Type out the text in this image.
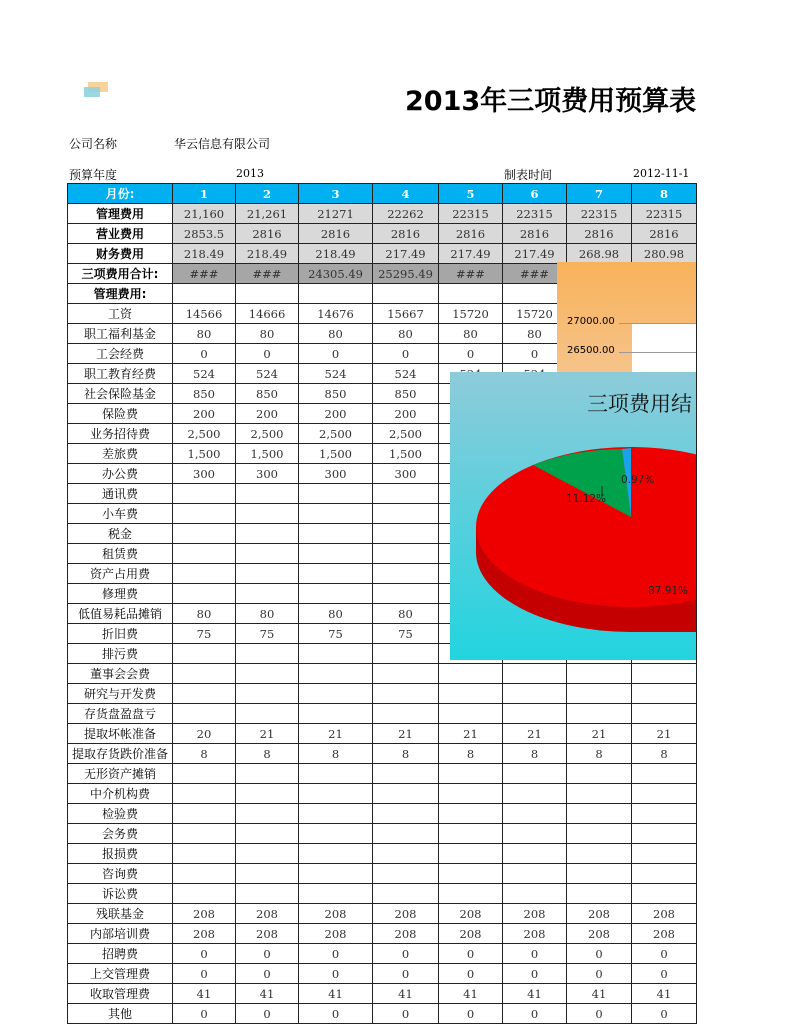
2013年三项费用预算表
公司名称	华云信息有限公司
预算年度	2013	制表时间	2012-11-1
月份:	1	2	3	4	5	6	7	8
管理费用	21,160	21,261	21271	22262	22315	22315	22315	22315
营业费用	2853.5	2816	2816	2816	2816	2816	2816	2816
财务费用	218.49	218.49	218.49	217.49	217.49	217.49	268.98	280.98
三项费用合计:	###	###	24305.49	25295.49	###	###		
管理费用:								
工资	14566	14666	14676	15667	15720	15720		
职工福利基金	80	80	80	80	80	80		
工会经费	0	0	0	0	0	0		
职工教育经费	524	524	524	524				
社会保险基金	850	850	850	850				
保险费	200	200	200	200				
业务招待费	2,500	2,500	2,500	2,500				
差旅费	1,500	1,500	1,500	1,500				
办公费	300	300	300	300				
通讯费								
小车费								
税金								
租赁费								
资产占用费								
修理费								
低值易耗品摊销	80	80	80	80				
折旧费	75	75	75	75				
排污费								
董事会会费								
研究与开发费								
存货盘盈盘亏								
提取坏帐准备	20	21	21	21	21	21	21	21
提取存货跌价准备	8	8	8	8	8	8	8	8
无形资产摊销								
中介机构费								
检验费								
会务费								
报损费								
咨询费								
诉讼费								
残联基金	208	208	208	208	208	208	208	208
内部培训费	208	208	208	208	208	208	208	208
招聘费	0	0	0	0	0	0	0	0
上交管理费	0	0	0	0	0	0	0	0
收取管理费	41	41	41	41	41	41	41	41
其他	0	0	0	0	0	0	0	0
27000.00
26500.00
三项费用结
0.97%
11.12%
87.91%
